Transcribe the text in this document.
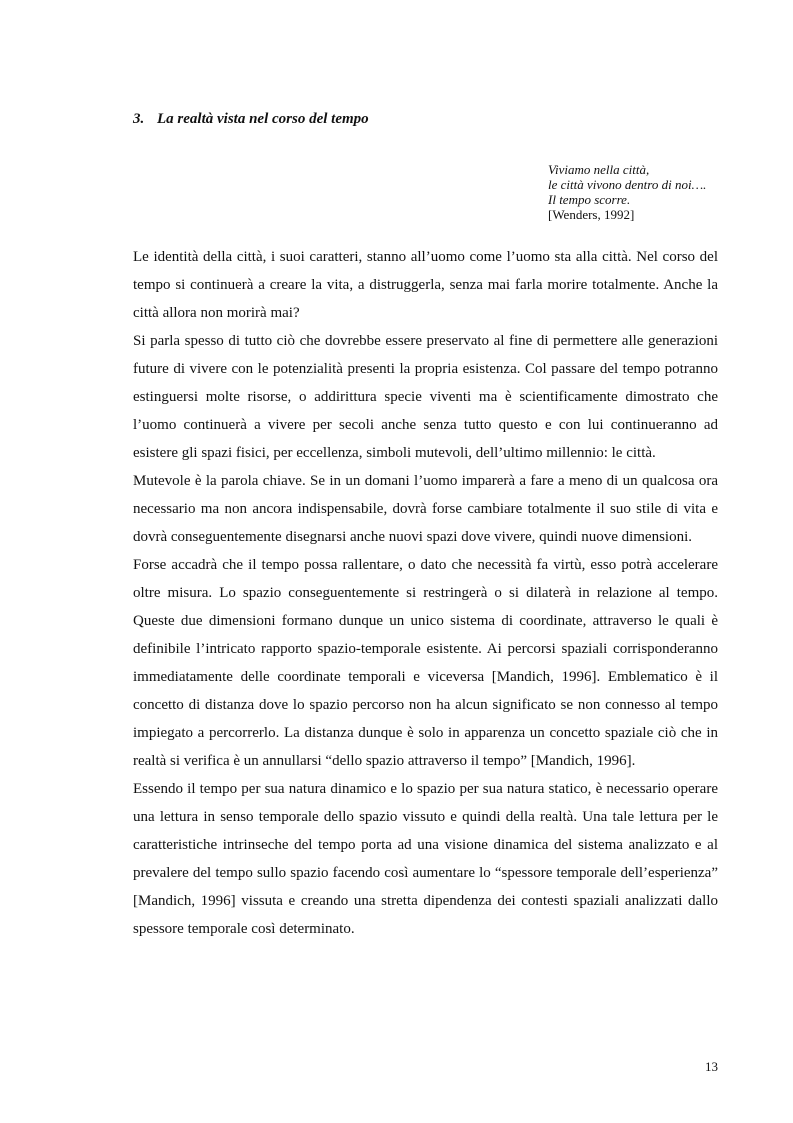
3. La realtà vista nel corso del tempo
Viviamo nella città,
le città vivono dentro di noi….
Il tempo scorre.
[Wenders, 1992]

Le identità della città, i suoi caratteri, stanno all’uomo come l’uomo sta alla città. Nel corso del tempo si continuerà a creare la vita, a distruggerla, senza mai farla morire totalmente. Anche la città allora non morirà mai?

Si parla spesso di tutto ciò che dovrebbe essere preservato al fine di permettere alle generazioni future di vivere con le potenzialità presenti la propria esistenza. Col passare del tempo potranno estinguersi molte risorse, o addirittura specie viventi ma è scientificamente dimostrato che l’uomo continuerà a vivere per secoli anche senza tutto questo e con lui continueranno ad esistere gli spazi fisici, per eccellenza, simboli mutevoli, dell’ultimo millennio: le città.

Mutevole è la parola chiave. Se in un domani l’uomo imparerà a fare a meno di un qualcosa ora necessario ma non ancora indispensabile, dovrà forse cambiare totalmente il suo stile di vita e dovrà conseguentemente disegnarsi anche nuovi spazi dove vivere, quindi nuove dimensioni.

Forse accadrà che il tempo possa rallentare, o dato che necessità fa virtù, esso potrà accelerare oltre misura. Lo spazio conseguentemente si restringerà o si dilaterà in relazione al tempo. Queste due dimensioni formano dunque un unico sistema di coordinate, attraverso le quali è definibile l’intricato rapporto spazio-temporale esistente. Ai percorsi spaziali corrisponderanno immediatamente delle coordinate temporali e viceversa [Mandich, 1996]. Emblematico è il concetto di distanza dove lo spazio percorso non ha alcun significato se non connesso al tempo impiegato a percorrerlo. La distanza dunque è solo in apparenza un concetto spaziale ciò che in realtà si verifica è un annullarsi “dello spazio attraverso il tempo” [Mandich, 1996].

Essendo il tempo per sua natura dinamico e lo spazio per sua natura statico, è necessario operare una lettura in senso temporale dello spazio vissuto e quindi della realtà. Una tale lettura per le caratteristiche intrinseche del tempo porta ad una visione dinamica del sistema analizzato e al prevalere del tempo sullo spazio facendo così aumentare lo “spessore temporale dell’esperienza” [Mandich, 1996] vissuta e creando una stretta dipendenza dei contesti spaziali analizzati dallo spessore temporale così determinato.

13
